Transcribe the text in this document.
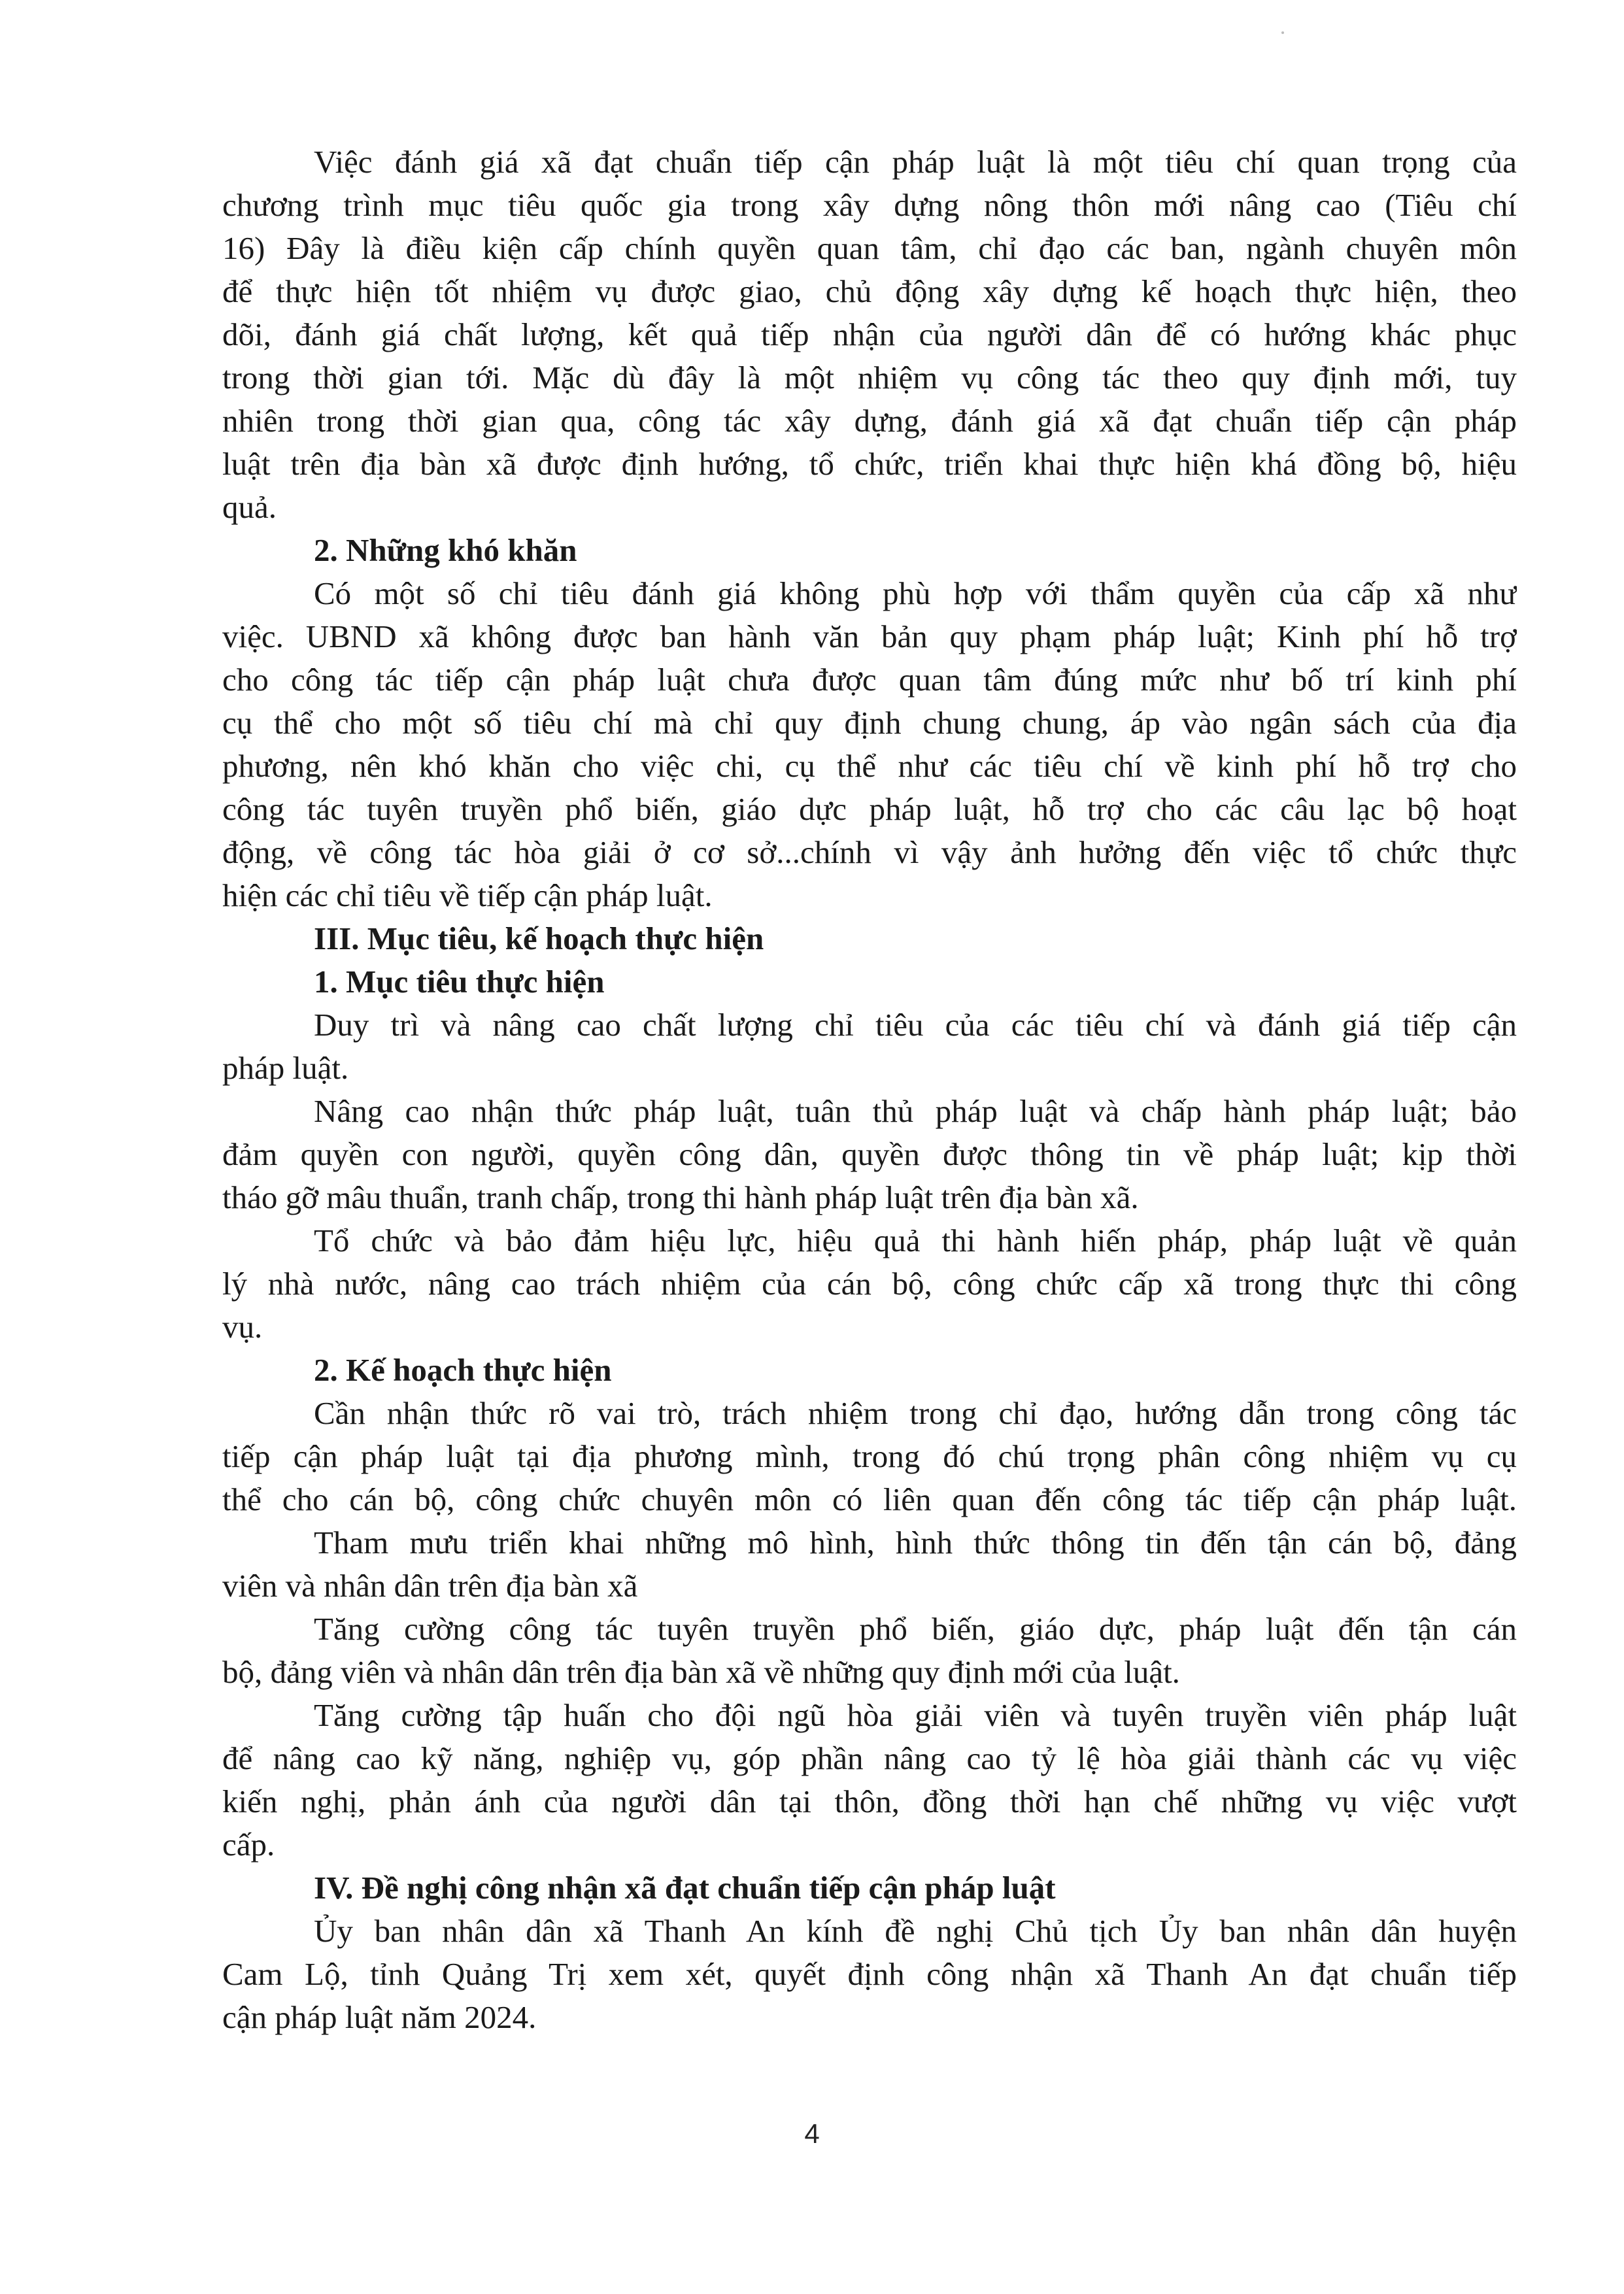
Việc đánh giá xã đạt chuẩn tiếp cận pháp luật là một tiêu chí quan trọng của
chương trình mục tiêu quốc gia trong xây dựng nông thôn mới nâng cao (Tiêu chí
16) Đây là điều kiện cấp chính quyền quan tâm, chỉ đạo các ban, ngành chuyên môn
để thực hiện tốt nhiệm vụ được giao, chủ động xây dựng kế hoạch thực hiện, theo
dõi, đánh giá chất lượng, kết quả tiếp nhận của người dân để có hướng khác phục
trong thời gian tới. Mặc dù đây là một nhiệm vụ công tác theo quy định mới, tuy
nhiên trong thời gian qua, công tác xây dựng, đánh giá xã đạt chuẩn tiếp cận pháp
luật trên địa bàn xã được định hướng, tổ chức, triển khai thực hiện khá đồng bộ, hiệu
quả.
2. Những khó khăn
Có một số chỉ tiêu đánh giá không phù hợp với thẩm quyền của cấp xã như
việc. UBND xã không được ban hành văn bản quy phạm pháp luật; Kinh phí hỗ trợ
cho công tác tiếp cận pháp luật chưa được quan tâm đúng mức như bố trí kinh phí
cụ thể cho một số tiêu chí mà chỉ quy định chung chung, áp vào ngân sách của địa
phương, nên khó khăn cho việc chi, cụ thể như các tiêu chí về kinh phí hỗ trợ cho
công tác tuyên truyền phổ biến, giáo dực pháp luật, hỗ trợ cho các câu lạc bộ hoạt
động, về công tác hòa giải ở cơ sở...chính vì vậy ảnh hưởng đến việc tổ chức thực
hiện các chỉ tiêu về tiếp cận pháp luật.
III. Mục tiêu, kế hoạch thực hiện
1. Mục tiêu thực hiện
Duy trì và nâng cao chất lượng chỉ tiêu của các tiêu chí và đánh giá tiếp cận
pháp luật.
Nâng cao nhận thức pháp luật, tuân thủ pháp luật và chấp hành pháp luật; bảo
đảm quyền con người, quyền công dân, quyền được thông tin về pháp luật; kịp thời
tháo gỡ mâu thuẩn, tranh chấp, trong thi hành pháp luật trên địa bàn xã.
Tổ chức và bảo đảm hiệu lực, hiệu quả thi hành hiến pháp, pháp luật về quản
lý nhà nước, nâng cao trách nhiệm của cán bộ, công chức cấp xã trong thực thi công
vụ.
2. Kế hoạch thực hiện
Cần nhận thức rõ vai trò, trách nhiệm trong chỉ đạo, hướng dẫn trong công tác
tiếp cận pháp luật tại địa phương mình, trong đó chú trọng phân công nhiệm vụ cụ
thể cho cán bộ, công chức chuyên môn có liên quan đến công tác tiếp cận pháp luật.
Tham mưu triển khai những mô hình, hình thức thông tin đến tận cán bộ, đảng
viên và nhân dân trên địa bàn xã
Tăng cường công tác tuyên truyền phổ biến, giáo dực, pháp luật đến tận cán
bộ, đảng viên và nhân dân trên địa bàn xã về những quy định mới của luật.
Tăng cường tập huấn cho đội ngũ hòa giải viên và tuyên truyền viên pháp luật
để nâng cao kỹ năng, nghiệp vụ, góp phần nâng cao tỷ lệ hòa giải thành các vụ việc
kiến nghị, phản ánh của người dân tại thôn, đồng thời hạn chế những vụ việc vượt
cấp.
IV. Đề nghị công nhận xã đạt chuẩn tiếp cận pháp luật
Ủy ban nhân dân xã Thanh An kính đề nghị Chủ tịch Ủy ban nhân dân huyện
Cam Lộ, tỉnh Quảng Trị xem xét, quyết định công nhận xã Thanh An đạt chuẩn tiếp
cận pháp luật năm 2024.
4
